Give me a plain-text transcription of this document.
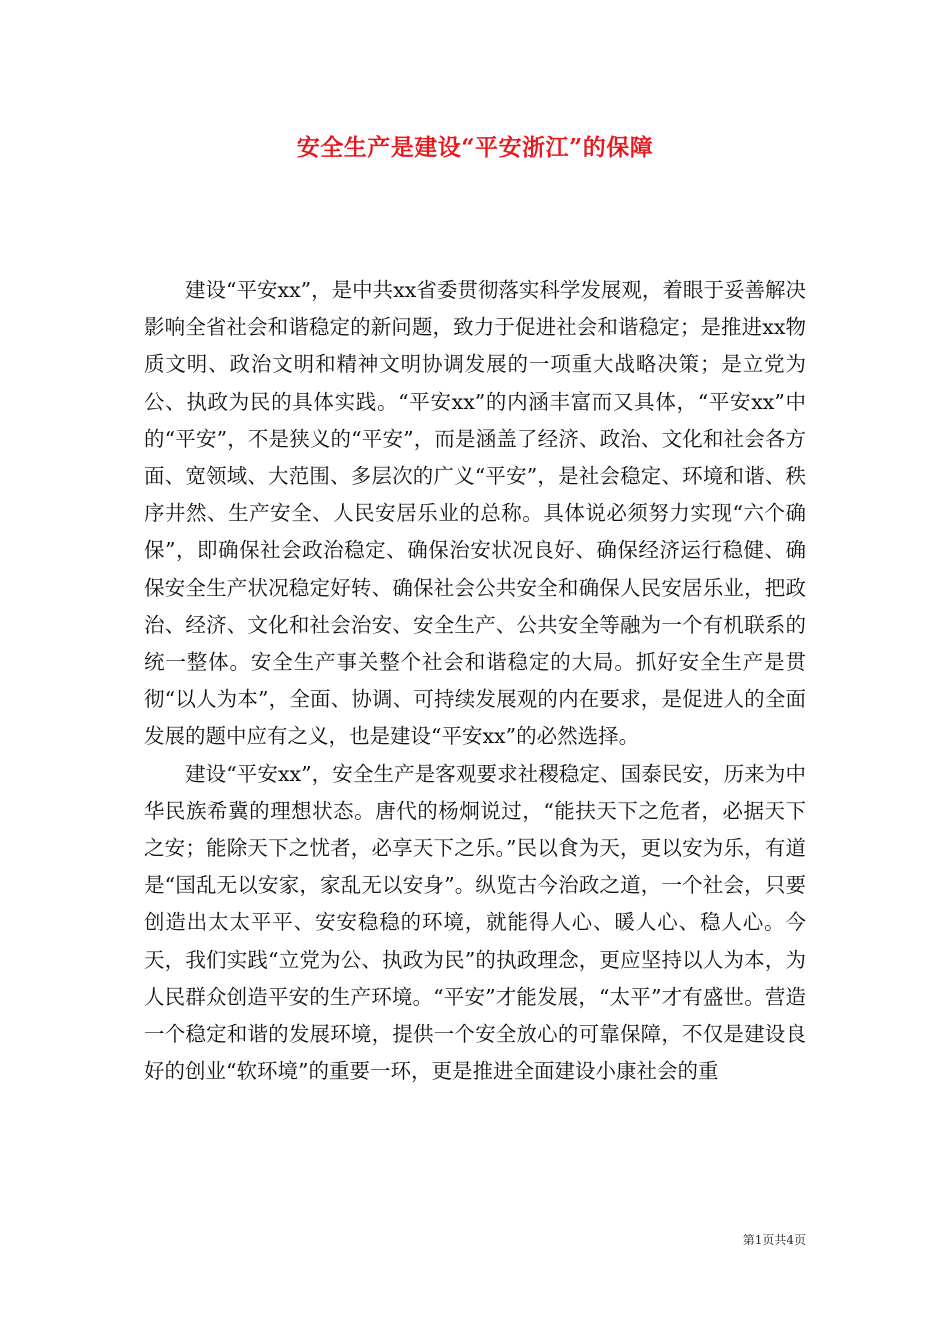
安全生产是建设“平安浙江”的保障

建设“平安xx”，是中共xx省委贯彻落实科学发展观，着眼于妥善解决影响全省社会和谐稳定的新问题，致力于促进社会和谐稳定；是推进xx物质文明、政治文明和精神文明协调发展的一项重大战略决策；是立党为公、执政为民的具体实践。“平安xx”的内涵丰富而又具体，“平安xx”中的“平安”，不是狭义的“平安”，而是涵盖了经济、政治、文化和社会各方面、宽领域、大范围、多层次的广义“平安”，是社会稳定、环境和谐、秩序井然、生产安全、人民安居乐业的总称。具体说必须努力实现“六个确保”，即确保社会政治稳定、确保治安状况良好、确保经济运行稳健、确保安全生产状况稳定好转、确保社会公共安全和确保人民安居乐业，把政治、经济、文化和社会治安、安全生产、公共安全等融为一个有机联系的统一整体。安全生产事关整个社会和谐稳定的大局。抓好安全生产是贯彻“以人为本”，全面、协调、可持续发展观的内在要求，是促进人的全面发展的题中应有之义，也是建设“平安xx”的必然选择。

建设“平安xx”，安全生产是客观要求社稷稳定、国泰民安，历来为中华民族希冀的理想状态。唐代的杨炯说过，“能扶天下之危者，必据天下之安；能除天下之忧者，必享天下之乐。”民以食为天，更以安为乐，有道是“国乱无以安家，家乱无以安身”。纵览古今治政之道，一个社会，只要创造出太太平平、安安稳稳的环境，就能得人心、暖人心、稳人心。今天，我们实践“立党为公、执政为民”的执政理念，更应坚持以人为本，为人民群众创造平安的生产环境。“平安”才能发展，“太平”才有盛世。营造一个稳定和谐的发展环境，提供一个安全放心的可靠保障，不仅是建设良好的创业“软环境”的重要一环，更是推进全面建设小康社会的重

第1页共4页
